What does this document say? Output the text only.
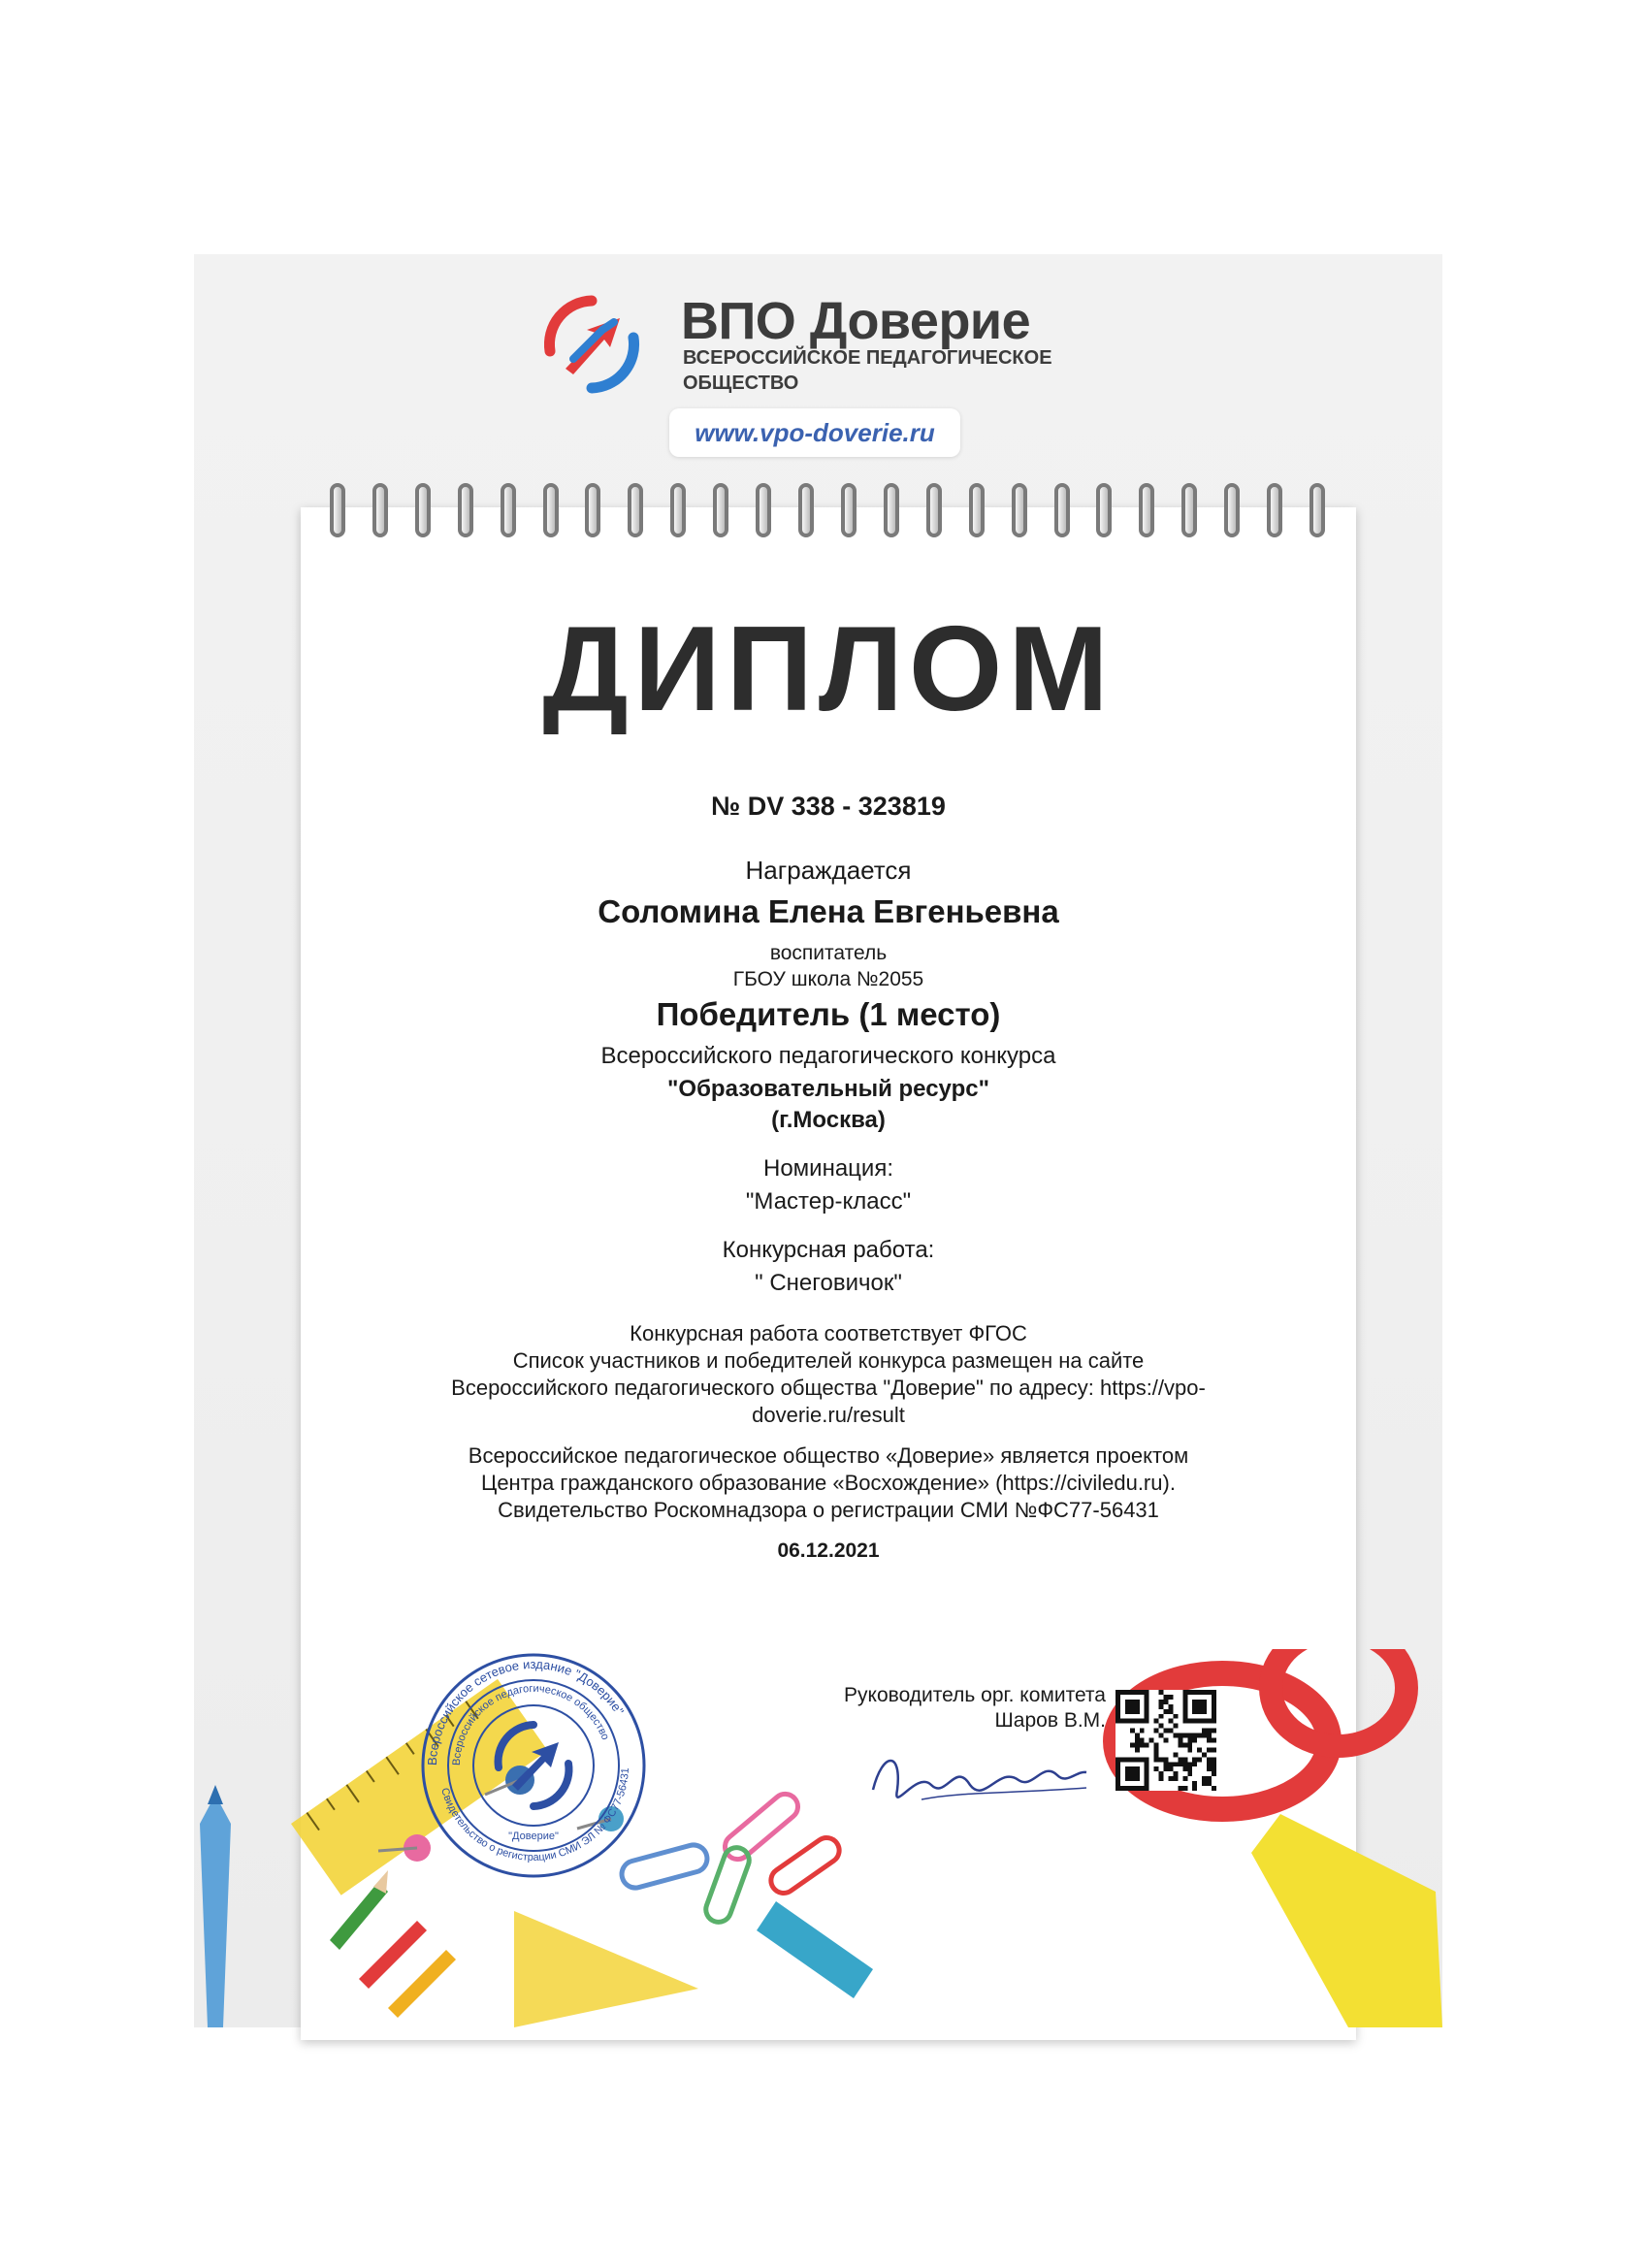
ВПО Доверие
ВСЕРОССИЙСКОЕ ПЕДАГОГИЧЕСКОЕ ОБЩЕСТВО
www.vpo-doverie.ru
ДИПЛОМ
№ DV 338 - 323819
Награждается
Соломина Елена Евгеньевна
воспитатель
ГБОУ школа №2055
Победитель (1 место)
Всероссийского педагогического конкурса
"Образовательный ресурс"
(г.Москва)
Номинация:
"Мастер-класс"
Конкурсная работа:
" Снеговичок"
Конкурсная работа соответствует ФГОС
Список участников и победителей конкурса размещен на сайте
Всероссийского педагогического общества "Доверие" по адресу: https://vpo-doverie.ru/result
Всероссийское педагогическое общество «Доверие» является проектом Центра гражданского образование «Восхождение» (https://civiledu.ru). Свидетельство Роскомнадзора о регистрации СМИ №ФС77-56431
06.12.2021
Всероссийское сетевое издание "Доверие"
Всероссийское педагогическое общество
Свидетельство о регистрации СМИ ЭЛ № ФС77-56431
"Доверие"
Руководитель орг. комитета
Шаров В.М.
